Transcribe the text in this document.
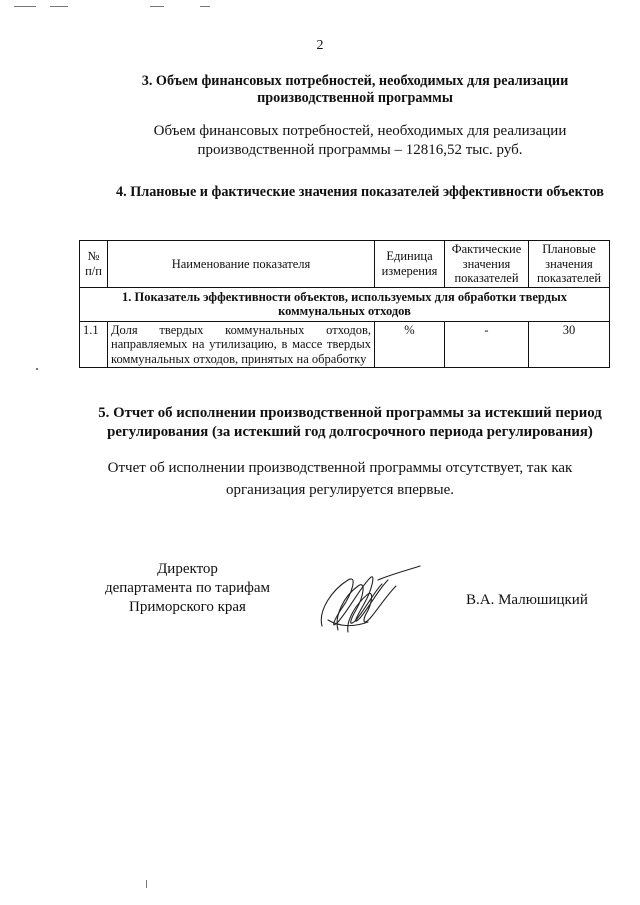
2
3. Объем финансовых потребностей, необходимых для реализации производственной программы
Объем финансовых потребностей, необходимых для реализации производственной программы – 12816,52 тыс. руб.
4. Плановые и фактические значения показателей эффективности объектов
№ п/п	Наименование показателя	Единица измерения	Фактические значения показателей	Плановые значения показателей
1. Показатель эффективности объектов, используемых для обработки твердых коммунальных отходов				
1.1	Доля твердых коммунальных отходов, направляемых на утилизацию, в массе твердых коммунальных отходов, принятых на обработку	%	-	30
5. Отчет об исполнении производственной программы за истекший период регулирования (за истекший год долгосрочного периода регулирования)
Отчет об исполнении производственной программы отсутствует, так как организация регулируется впервые.
Директор
департамента по тарифам
Приморского края	В.А. Малюшицкий
